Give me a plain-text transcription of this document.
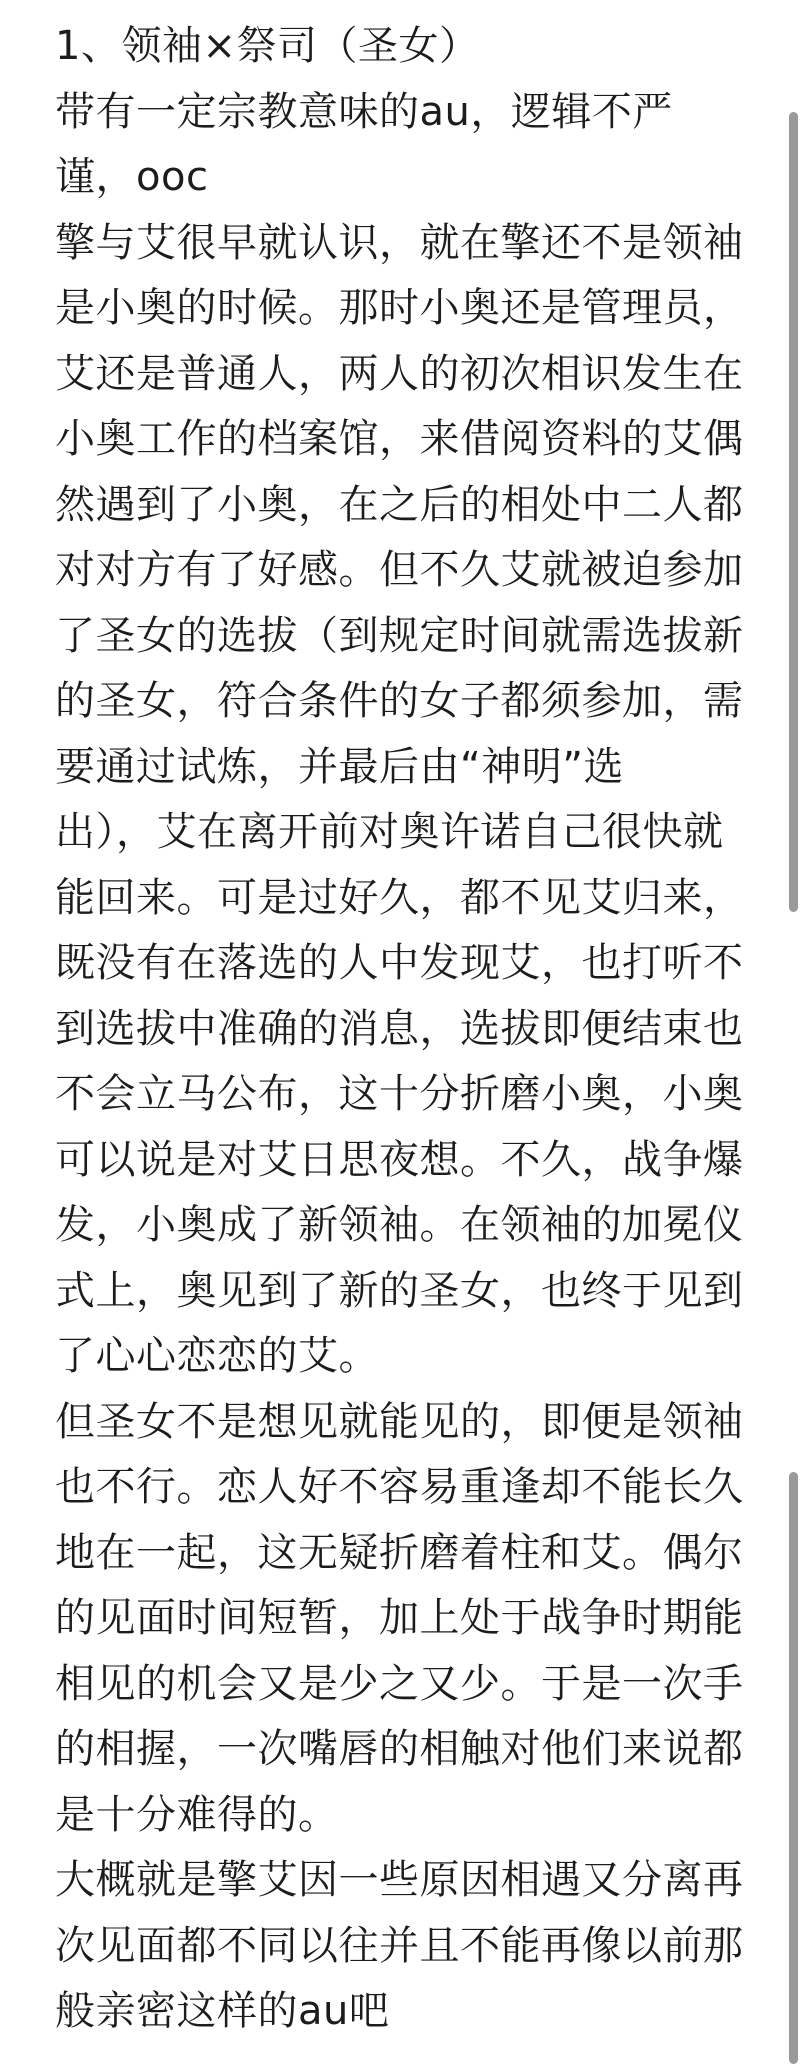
1、领袖×祭司（圣女）
带有一定宗教意味的au，逻辑不严
谨，ooc
擎与艾很早就认识，就在擎还不是领袖
是小奥的时候。那时小奥还是管理员，
艾还是普通人，两人的初次相识发生在
小奥工作的档案馆，来借阅资料的艾偶
然遇到了小奥，在之后的相处中二人都
对对方有了好感。但不久艾就被迫参加
了圣女的选拔（到规定时间就需选拔新
的圣女，符合条件的女子都须参加，需
要通过试炼，并最后由“神明”选
出），艾在离开前对奥许诺自己很快就
能回来。可是过好久，都不见艾归来，
既没有在落选的人中发现艾，也打听不
到选拔中准确的消息，选拔即便结束也
不会立马公布，这十分折磨小奥，小奥
可以说是对艾日思夜想。不久，战争爆
发，小奥成了新领袖。在领袖的加冕仪
式上，奥见到了新的圣女，也终于见到
了心心恋恋的艾。
但圣女不是想见就能见的，即便是领袖
也不行。恋人好不容易重逢却不能长久
地在一起，这无疑折磨着柱和艾。偶尔
的见面时间短暂，加上处于战争时期能
相见的机会又是少之又少。于是一次手
的相握，一次嘴唇的相触对他们来说都
是十分难得的。
大概就是擎艾因一些原因相遇又分离再
次见面都不同以往并且不能再像以前那
般亲密这样的au吧
